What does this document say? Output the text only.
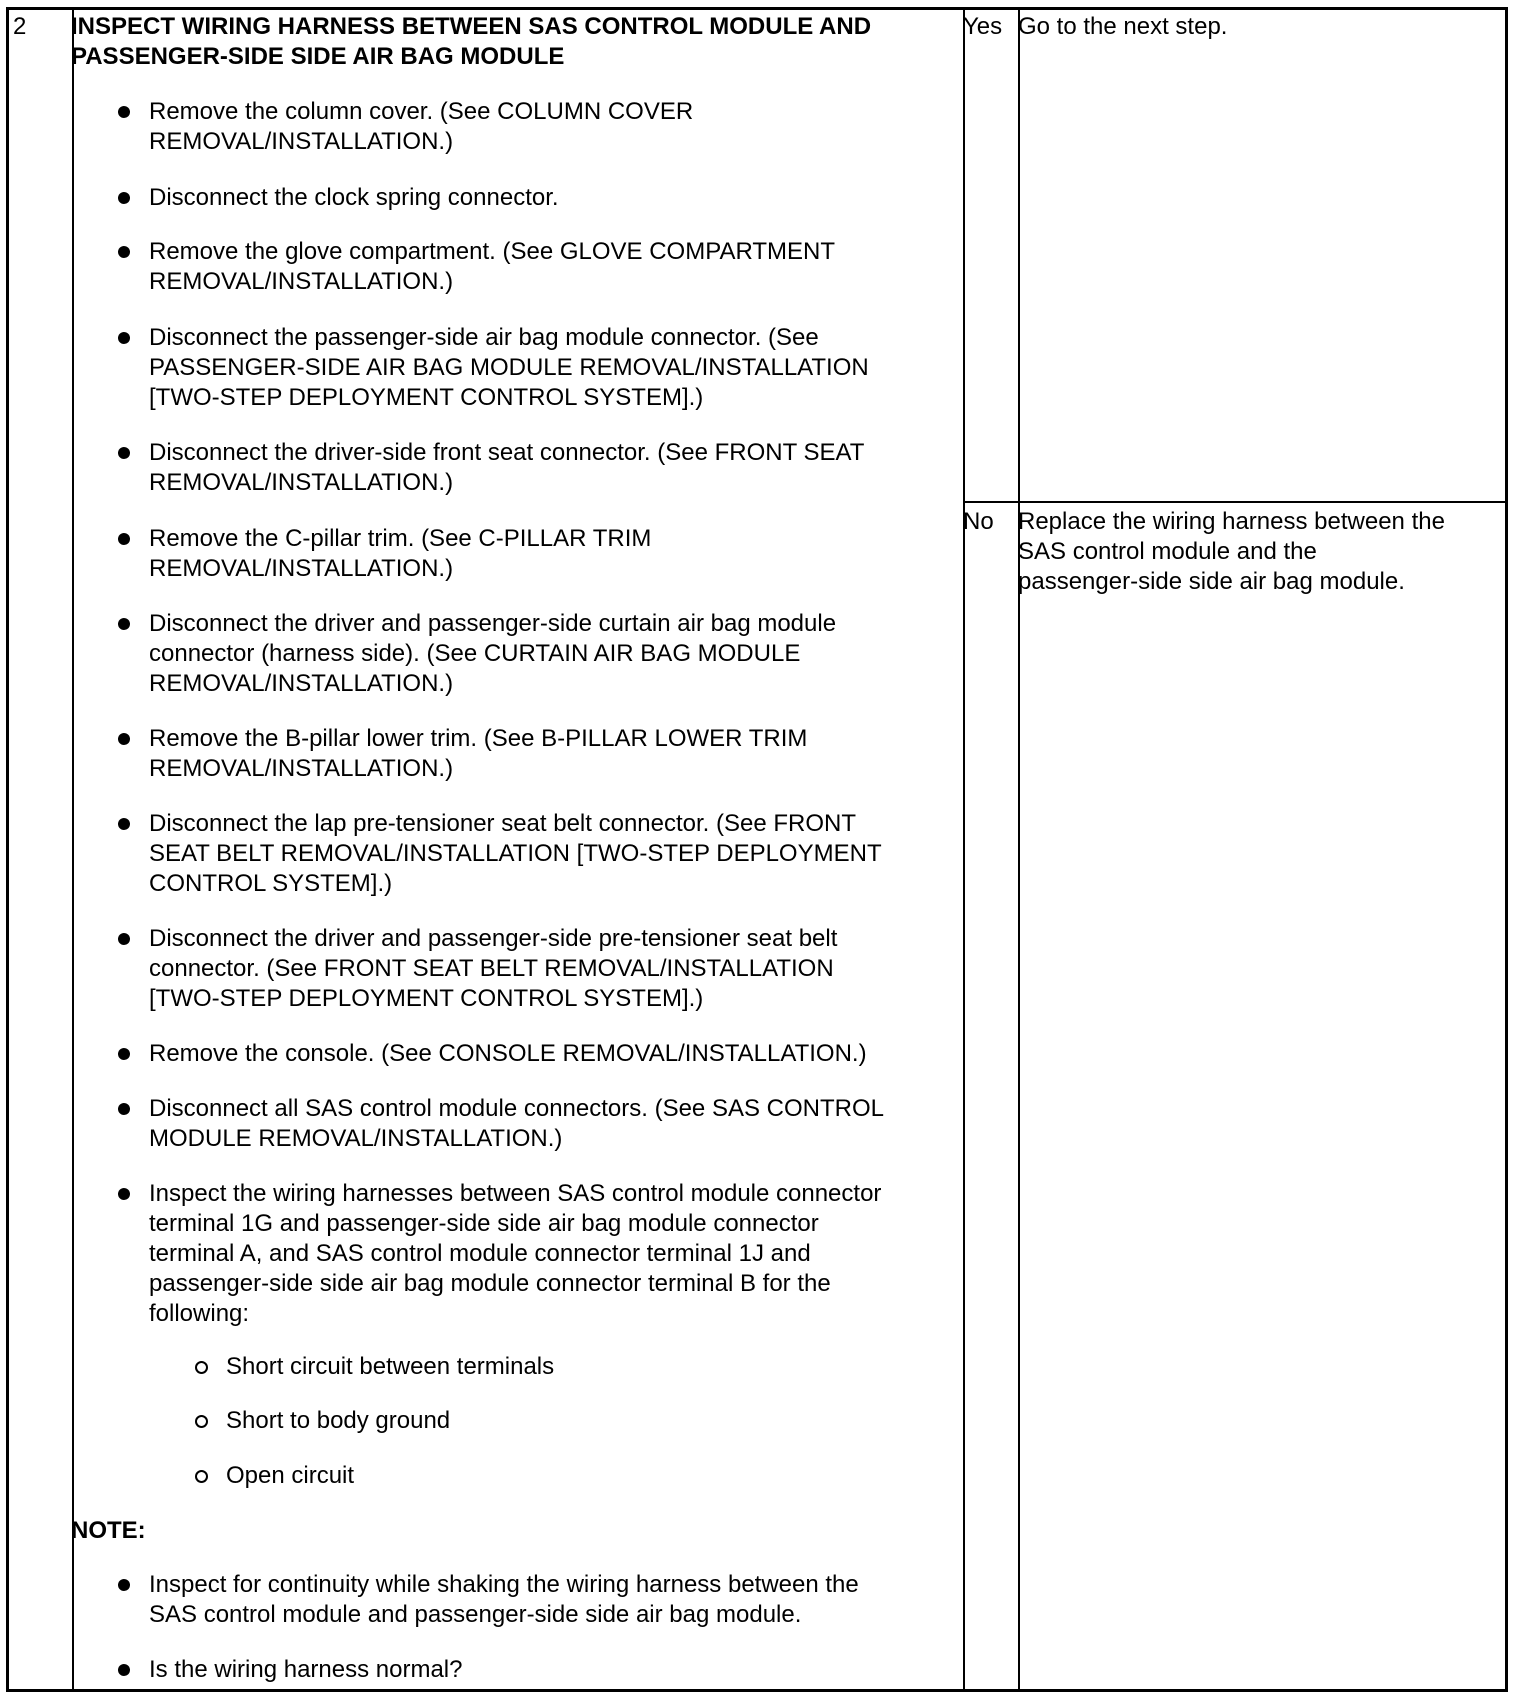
2 INSPECT WIRING HARNESS BETWEEN SAS CONTROL MODULE AND
PASSENGER-SIDE SIDE AIR BAG MODULE
Remove the column cover. (See COLUMN COVER
REMOVAL/INSTALLATION.)
Disconnect the clock spring connector.
Remove the glove compartment. (See GLOVE COMPARTMENT
REMOVAL/INSTALLATION.)
Disconnect the passenger-side air bag module connector. (See
PASSENGER-SIDE AIR BAG MODULE REMOVAL/INSTALLATION
[TWO-STEP DEPLOYMENT CONTROL SYSTEM].)
Disconnect the driver-side front seat connector. (See FRONT SEAT
REMOVAL/INSTALLATION.)
Remove the C-pillar trim. (See C-PILLAR TRIM
REMOVAL/INSTALLATION.)
Disconnect the driver and passenger-side curtain air bag module
connector (harness side). (See CURTAIN AIR BAG MODULE
REMOVAL/INSTALLATION.)
Remove the B-pillar lower trim. (See B-PILLAR LOWER TRIM
REMOVAL/INSTALLATION.)
Disconnect the lap pre-tensioner seat belt connector. (See FRONT
SEAT BELT REMOVAL/INSTALLATION [TWO-STEP DEPLOYMENT
CONTROL SYSTEM].)
Disconnect the driver and passenger-side pre-tensioner seat belt
connector. (See FRONT SEAT BELT REMOVAL/INSTALLATION
[TWO-STEP DEPLOYMENT CONTROL SYSTEM].)
Remove the console. (See CONSOLE REMOVAL/INSTALLATION.)
Disconnect all SAS control module connectors. (See SAS CONTROL
MODULE REMOVAL/INSTALLATION.)
Inspect the wiring harnesses between SAS control module connector
terminal 1G and passenger-side side air bag module connector
terminal A, and SAS control module connector terminal 1J and
passenger-side side air bag module connector terminal B for the
following:
Short circuit between terminals
Short to body ground
Open circuit
NOTE:
Inspect for continuity while shaking the wiring harness between the
SAS control module and passenger-side side air bag module.
Is the wiring harness normal?
Yes Go to the next step.
No Replace the wiring harness between the
SAS control module and the
passenger-side side air bag module.
